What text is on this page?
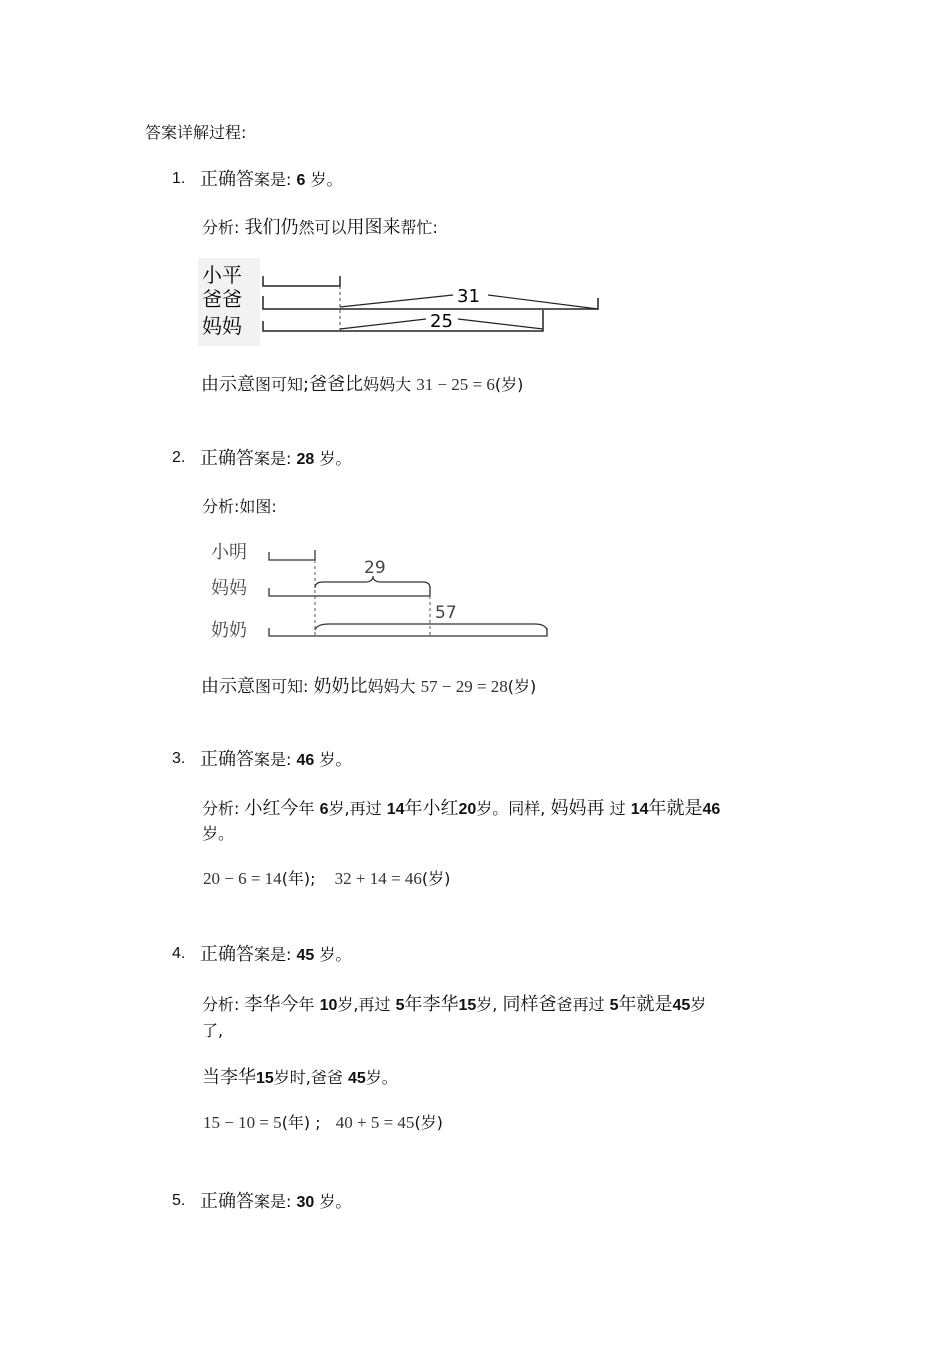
答案详解过程:
1. 正确答案是: 6 岁。
分析: 我们仍然可以用图来帮忙:
小平
爸爸
妈妈
31
25
由示意图可知;爸爸比妈妈大 31 − 25 = 6(岁)
2. 正确答案是: 28 岁。
分析:如图:
小明
妈妈
奶奶
29
57
由示意图可知: 奶奶比妈妈大 57 − 29 = 28(岁)
3. 正确答案是: 46 岁。
分析: 小红今年 6岁,再过 14年小红20岁。同样, 妈妈再 过 14年就是46
岁。
20 − 6 = 14(年); 32 + 14 = 46(岁)
4. 正确答案是: 45 岁。
分析: 李华今年 10岁,再过 5年李华15岁, 同样爸爸再过 5年就是45岁
了,
当李华15岁时,爸爸 45岁。
15 − 10 = 5(年) ; 40 + 5 = 45(岁)
5. 正确答案是: 30 岁。
